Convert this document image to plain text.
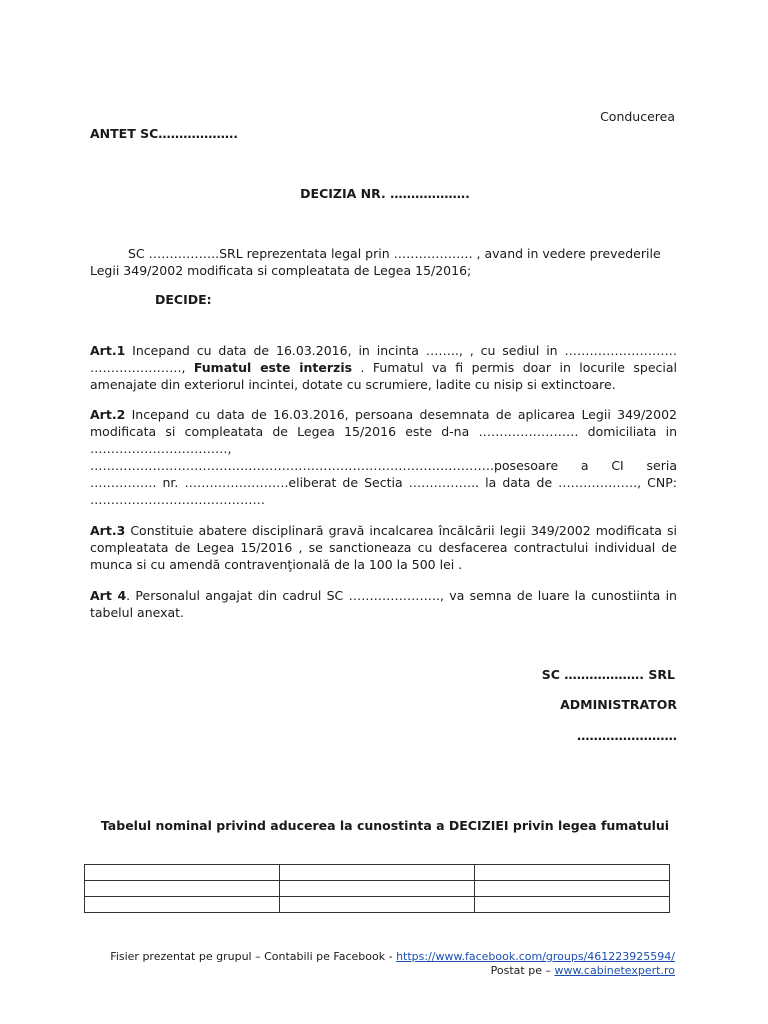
Conducerea
ANTET SC……………….
DECIZIA NR. ……………….
SC ……………..SRL reprezentata legal prin ………………. , avand in vedere prevederile
Legii 349/2002 modificata si compleatata de Legea 15/2016;
DECIDE:
Art.1 Incepand cu data de 16.03.2016, in incinta …….., , cu sediul in ……………………… …………………., Fumatul este interzis . Fumatul va fi permis doar in locurile special amenajate din exteriorul incintei, dotate cu scrumiere, ladite cu nisip si extinctoare.
Art.2 Incepand cu data de 16.03.2016, persoana desemnata de aplicarea Legii 349/2002 modificata si compleatata de Legea 15/2016 este d-na …………………… domiciliata in ……………………………, …………………………………………………………………………………….posesoare a CI seria ……………. nr. …………………….eliberat de Sectia …………….. la data de ………………., CNP: ……………………………………
Art.3 Constituie abatere disciplinară gravă incalcarea încălcării legii 349/2002 modificata si compleatata de Legea 15/2016 , se sanctioneaza cu desfacerea contractului individual de munca si cu amendă contravenţională de la 100 la 500 lei .
Art 4. Personalul angajat din cadrul SC …………………., va semna de luare la cunostiinta in tabelul anexat.
SC ………………. SRL
ADMINISTRATOR
……………………
Tabelul nominal privind aducerea la cunostinta a DECIZIEI privin legea fumatului

Fisier prezentat pe grupul – Contabili pe Facebook - https://www.facebook.com/groups/461223925594/
Postat pe – www.cabinetexpert.ro
